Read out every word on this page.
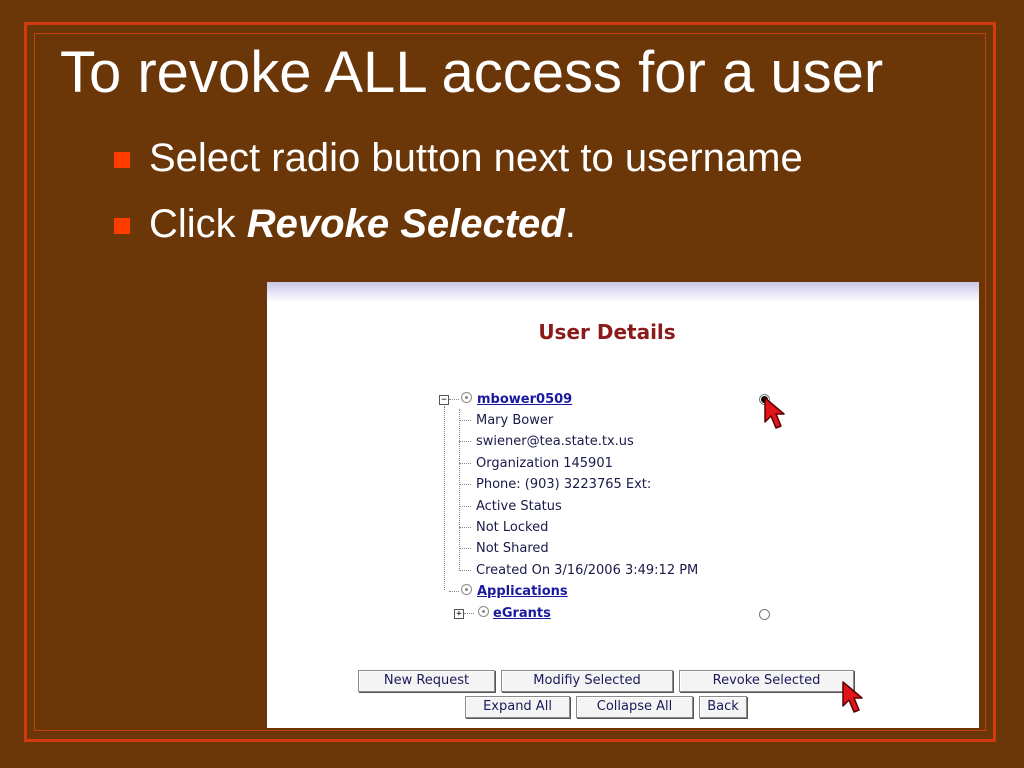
To revoke ALL access for a user
Select radio button next to username
Click Revoke Selected.
User Details
− mbower0509
Mary Bower
swiener@tea.state.tx.us
Organization 145901
Phone: (903) 3223765 Ext:
Active Status
Not Locked
Not Shared
Created On 3/16/2006 3:49:12 PM
Applications
+ eGrants
New Request	Modifiy Selected	Revoke Selected
Expand All	Collapse All	Back
